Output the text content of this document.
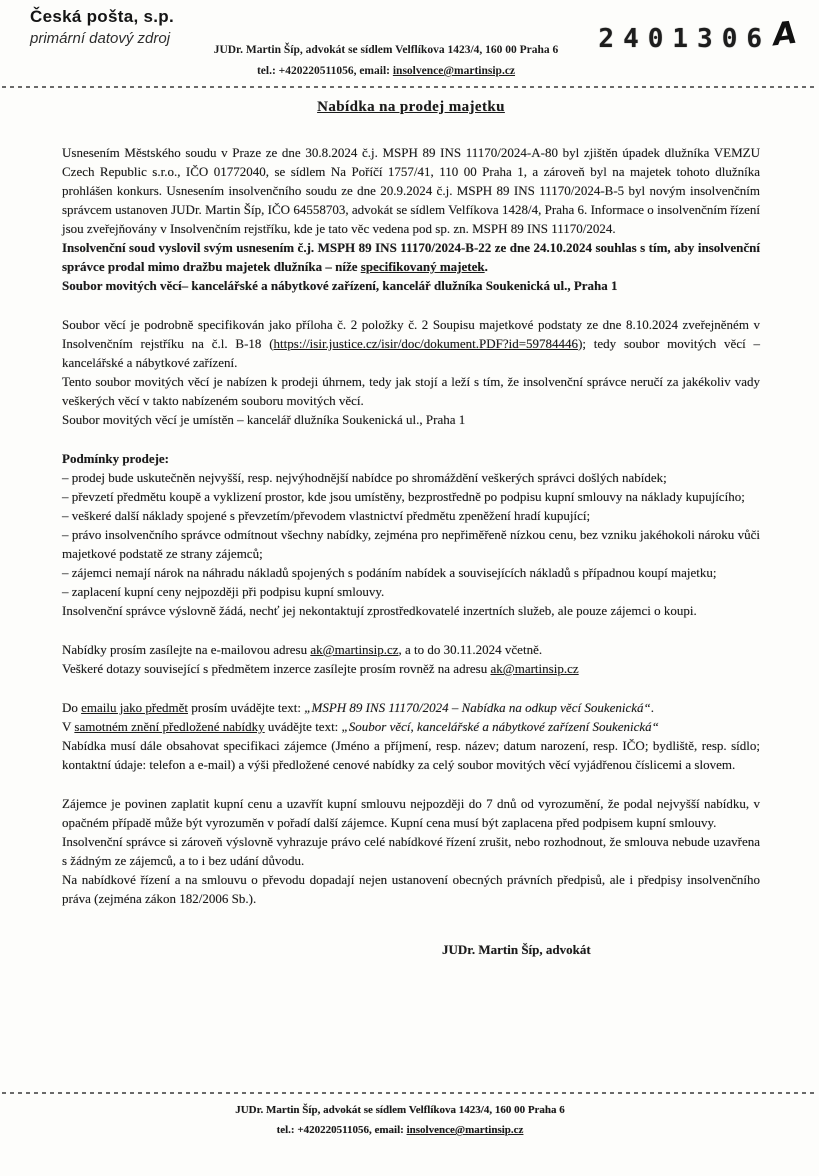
Česká pošta, s.p.
primární datový zdroj	2401306A
JUDr. Martin Šíp, advokát se sídlem Velflíkova 1423/4, 160 00 Praha 6
tel.: +420220511056, email: insolvence@martinsip.cz

Nabídka na prodej majetku

Usnesením Městského soudu v Praze ze dne 30.8.2024 č.j. MSPH 89 INS 11170/2024-A-80 byl zjištěn úpadek dlužníka VEMZU Czech Republic s.r.o., IČO 01772040, se sídlem Na Poříčí 1757/41, 110 00 Praha 1, a zároveň byl na majetek tohoto dlužníka prohlášen konkurs. Usnesením insolvenčního soudu ze dne 20.9.2024 č.j. MSPH 89 INS 11170/2024-B-5 byl novým insolvenčním správcem ustanoven JUDr. Martin Šíp, IČO 64558703, advokát se sídlem Velfíkova 1428/4, Praha 6. Informace o insolvenčním řízení jsou zveřejňovány v Insolvenčním rejstříku, kde je tato věc vedena pod sp. zn. MSPH 89 INS 11170/2024.

Insolvenční soud vyslovil svým usnesením č.j. MSPH 89 INS 11170/2024-B-22 ze dne 24.10.2024 souhlas s tím, aby insolvenční správce prodal mimo dražbu majetek dlužníka – níže specifikovaný majetek.

Soubor movitých věcí– kancelářské a nábytkové zařízení, kancelář dlužníka Soukenická ul., Praha 1

Soubor věcí je podrobně specifikován jako příloha č. 2 položky č. 2 Soupisu majetkové podstaty ze dne 8.10.2024 zveřejněném v Insolvenčním rejstříku na č.l. B-18 (https://isir.justice.cz/isir/doc/dokument.PDF?id=59784446); tedy soubor movitých věcí – kancelářské a nábytkové zařízení.

Tento soubor movitých věcí je nabízen k prodeji úhrnem, tedy jak stojí a leží s tím, že insolvenční správce neručí za jakékoliv vady veškerých věcí v takto nabízeném souboru movitých věcí.

Soubor movitých věcí je umístěn – kancelář dlužníka Soukenická ul., Praha 1

Podmínky prodeje:

– prodej bude uskutečněn nejvyšší, resp. nejvýhodnější nabídce po shromáždění veškerých správci došlých nabídek;

– převzetí předmětu koupě a vyklizení prostor, kde jsou umístěny, bezprostředně po podpisu kupní smlouvy na náklady kupujícího;

– veškeré další náklady spojené s převzetím/převodem vlastnictví předmětu zpeněžení hradí kupující;

– právo insolvenčního správce odmítnout všechny nabídky, zejména pro nepřiměřeně nízkou cenu, bez vzniku jakéhokoli nároku vůči majetkové podstatě ze strany zájemců;

– zájemci nemají nárok na náhradu nákladů spojených s podáním nabídek a souvisejících nákladů s případnou koupí majetku;

– zaplacení kupní ceny nejpozději při podpisu kupní smlouvy.

Insolvenční správce výslovně žádá, nechť jej nekontaktují zprostředkovatelé inzertních služeb, ale pouze zájemci o koupi.

Nabídky prosím zasílejte na e-mailovou adresu ak@martinsip.cz, a to do 30.11.2024 včetně.

Veškeré dotazy související s předmětem inzerce zasílejte prosím rovněž na adresu ak@martinsip.cz

Do emailu jako předmět prosím uvádějte text: „MSPH 89 INS 11170/2024 – Nabídka na odkup věcí Soukenická“.

V samotném znění předložené nabídky uvádějte text: „Soubor věcí, kancelářské a nábytkové zařízení Soukenická“

Nabídka musí dále obsahovat specifikaci zájemce (Jméno a příjmení, resp. název; datum narození, resp. IČO; bydliště, resp. sídlo; kontaktní údaje: telefon a e-mail) a výši předložené cenové nabídky za celý soubor movitých věcí vyjádřenou číslicemi a slovem.

Zájemce je povinen zaplatit kupní cenu a uzavřít kupní smlouvu nejpozději do 7 dnů od vyrozumění, že podal nejvyšší nabídku, v opačném případě může být vyrozuměn v pořadí další zájemce. Kupní cena musí být zaplacena před podpisem kupní smlouvy.

Insolvenční správce si zároveň výslovně vyhrazuje právo celé nabídkové řízení zrušit, nebo rozhodnout, že smlouva nebude uzavřena s žádným ze zájemců, a to i bez udání důvodu.

Na nabídkové řízení a na smlouvu o převodu dopadají nejen ustanovení obecných právních předpisů, ale i předpisy insolvenčního práva (zejména zákon 182/2006 Sb.).

JUDr. Martin Šíp, advokát
JUDr. Martin Šíp, advokát se sídlem Velflíkova 1423/4, 160 00 Praha 6
tel.: +420220511056, email: insolvence@martinsip.cz
